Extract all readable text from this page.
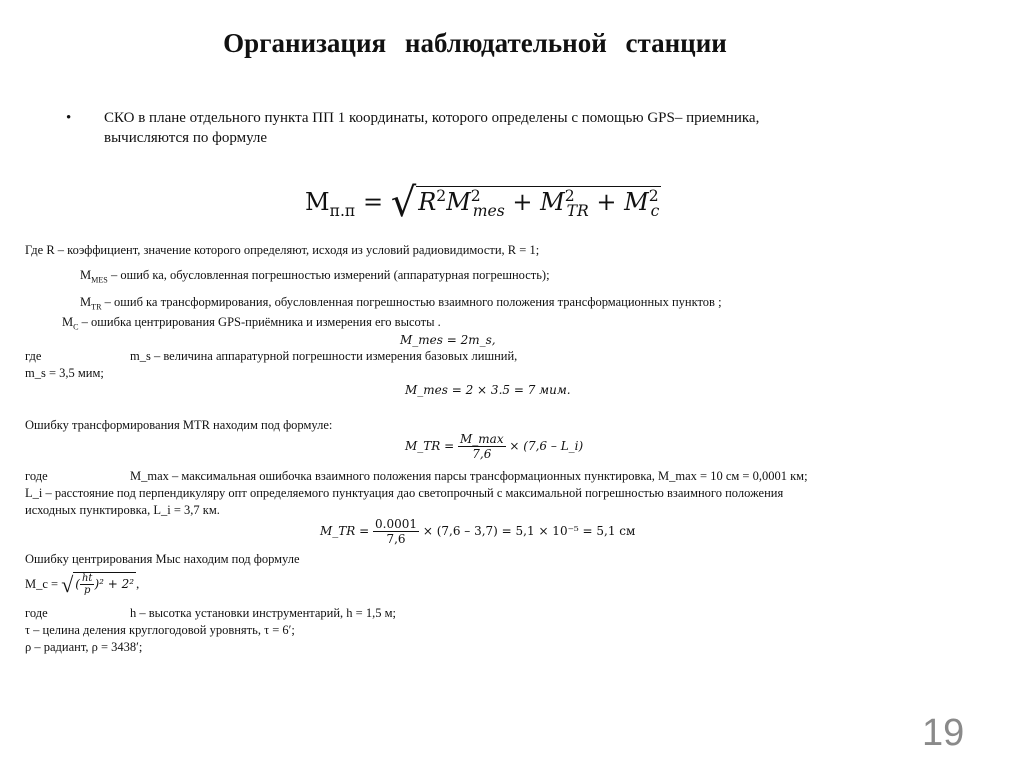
Организация наблюдательной станции
• СКО в плане отдельного пункта ПП 1 координаты, которого определены с помощью GPS– приемника,
вычисляются по формуле
$M_{п.п} = √R^2M^2_{mes} + M^2_{TR} + M^2_c$
Где R – коэффициент, значение которого определяют, исходя из условий радиовидимости, R = 1;
$M_{MES}$ – ошиб ка, обусловленная погрешностью измерений (аппаратурная погрешность);
$M_{TR}$ – ошиб ка трансформирования, обусловленная погрешностью взаимного положения трансформационных пунктов ;
$M_C$ – ошибка центрирования GPS-приёмника и измерения его высоты .
M_mes = 2m_s,
где	m_s – величина аппаратурной погрешности измерения базовых лишний,
m_s = 3,5 мим;
M_mes = 2 × 3.5 = 7 мим.
Ошибку трансформирования MTR находим под формуле:
M_TR = $\frac{M\_\max}{7,6} \times (7,6$ – L_i)
годе	M_max – максимальная ошибочка взаимного положения парсы трансформационных пунктировка, M_max = 10 см = 0,0001 км;
L_i – расстояние под перпендикуляру опт определяемого пунктуация дао светопрочный с максимальной погрешностью взаимного положения
исходных пунктировка, L_i = 3,7 км.
M_TR = $\frac{0.0001}{7,6} \times (7,6 - 3,7) = 5,1 \times 10^{-5} = 5,1$ см
Ошибку центрирования Мыс находим под формуле
M_c = √ ( $\frac{ht}{p} )^2 + 2^2$ ,
годе	h – высотка установки инструментарий, h = 1,5 м;
τ – целина деления круглогодовой уровнять, τ = 6′;
ρ – радиант, ρ = 3438′;
19
